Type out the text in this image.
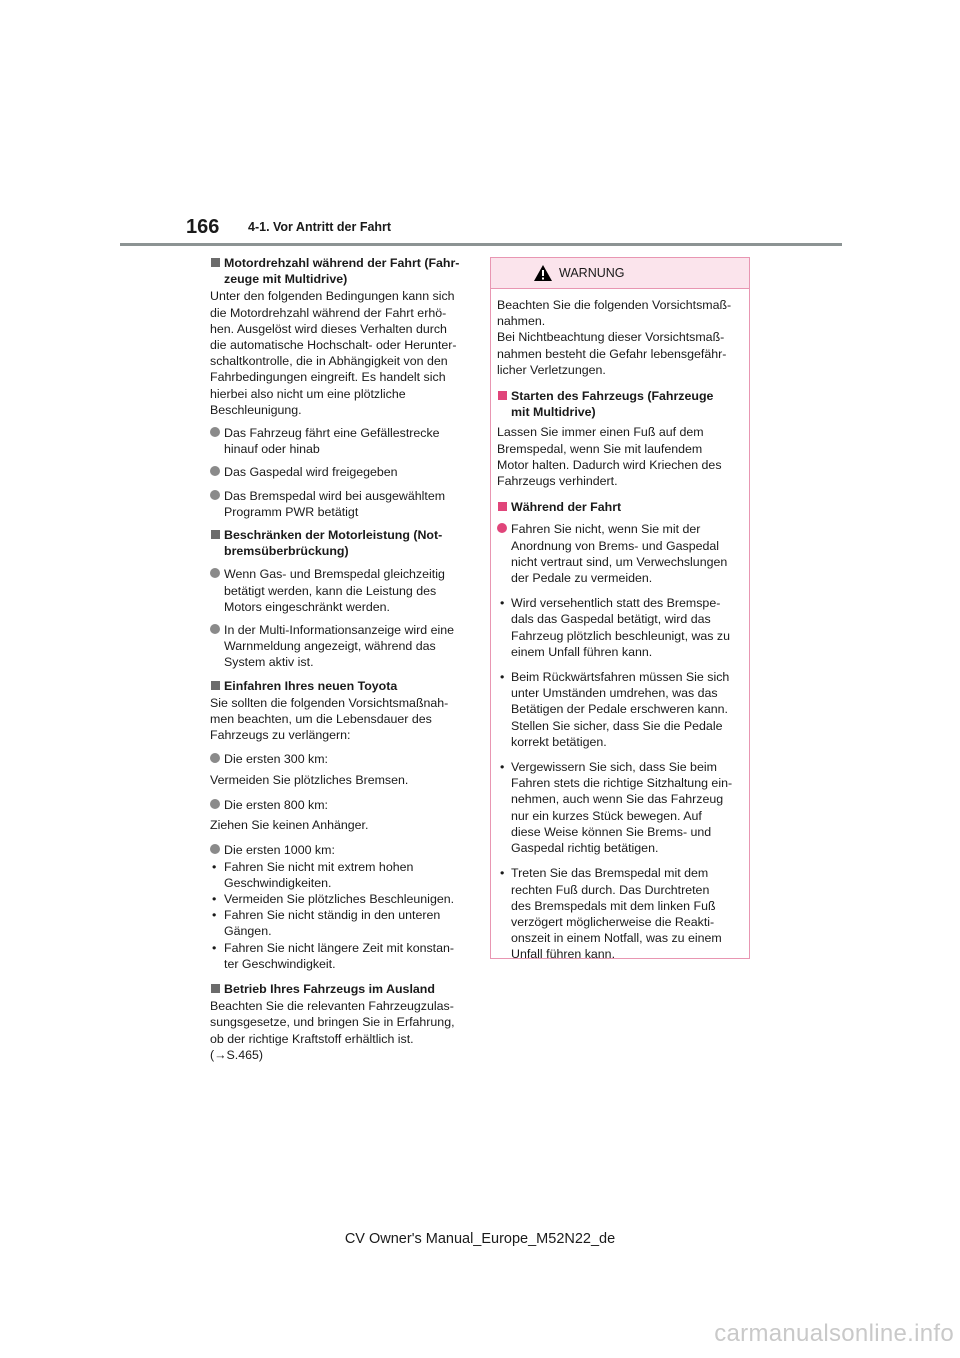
166 4-1. Vor Antritt der Fahrt
Motordrehzahl während der Fahrt (Fahr-
zeuge mit Multidrive)
Unter den folgenden Bedingungen kann sich
die Motordrehzahl während der Fahrt erhö-
hen. Ausgelöst wird dieses Verhalten durch
die automatische Hochschalt- oder Herunter-
schaltkontrolle, die in Abhängigkeit von den
Fahrbedingungen eingreift. Es handelt sich
hierbei also nicht um eine plötzliche
Beschleunigung.
Das Fahrzeug fährt eine Gefällestrecke
hinauf oder hinab
Das Gaspedal wird freigegeben
Das Bremspedal wird bei ausgewähltem
Programm PWR betätigt
Beschränken der Motorleistung (Not-
bremsüberbrückung)
Wenn Gas- und Bremspedal gleichzeitig
betätigt werden, kann die Leistung des
Motors eingeschränkt werden.
In der Multi-Informationsanzeige wird eine
Warnmeldung angezeigt, während das
System aktiv ist.
Einfahren Ihres neuen Toyota
Sie sollten die folgenden Vorsichtsmaßnah-
men beachten, um die Lebensdauer des
Fahrzeugs zu verlängern:
Die ersten 300 km:
Vermeiden Sie plötzliches Bremsen.
Die ersten 800 km:
Ziehen Sie keinen Anhänger.
Die ersten 1000 km:
• Fahren Sie nicht mit extrem hohen
Geschwindigkeiten.
• Vermeiden Sie plötzliches Beschleunigen.
• Fahren Sie nicht ständig in den unteren
Gängen.
• Fahren Sie nicht längere Zeit mit konstan-
ter Geschwindigkeit.
Betrieb Ihres Fahrzeugs im Ausland
Beachten Sie die relevanten Fahrzeugzulas-
sungsgesetze, und bringen Sie in Erfahrung,
ob der richtige Kraftstoff erhältlich ist.
(→S.465)
WARNUNG
Beachten Sie die folgenden Vorsichtsmaß-
nahmen.
Bei Nichtbeachtung dieser Vorsichtsmaß-
nahmen besteht die Gefahr lebensgefähr-
licher Verletzungen.
Starten des Fahrzeugs (Fahrzeuge
mit Multidrive)
Lassen Sie immer einen Fuß auf dem
Bremspedal, wenn Sie mit laufendem
Motor halten. Dadurch wird Kriechen des
Fahrzeugs verhindert.
Während der Fahrt
Fahren Sie nicht, wenn Sie mit der
Anordnung von Brems- und Gaspedal
nicht vertraut sind, um Verwechslungen
der Pedale zu vermeiden.
• Wird versehentlich statt des Bremspe-
dals das Gaspedal betätigt, wird das
Fahrzeug plötzlich beschleunigt, was zu
einem Unfall führen kann.
• Beim Rückwärtsfahren müssen Sie sich
unter Umständen umdrehen, was das
Betätigen der Pedale erschweren kann.
Stellen Sie sicher, dass Sie die Pedale
korrekt betätigen.
• Vergewissern Sie sich, dass Sie beim
Fahren stets die richtige Sitzhaltung ein-
nehmen, auch wenn Sie das Fahrzeug
nur ein kurzes Stück bewegen. Auf
diese Weise können Sie Brems- und
Gaspedal richtig betätigen.
• Treten Sie das Bremspedal mit dem
rechten Fuß durch. Das Durchtreten
des Bremspedals mit dem linken Fuß
verzögert möglicherweise die Reakti-
onszeit in einem Notfall, was zu einem
Unfall führen kann.
CV Owner's Manual_Europe_M52N22_de
carmanualsonline.info
